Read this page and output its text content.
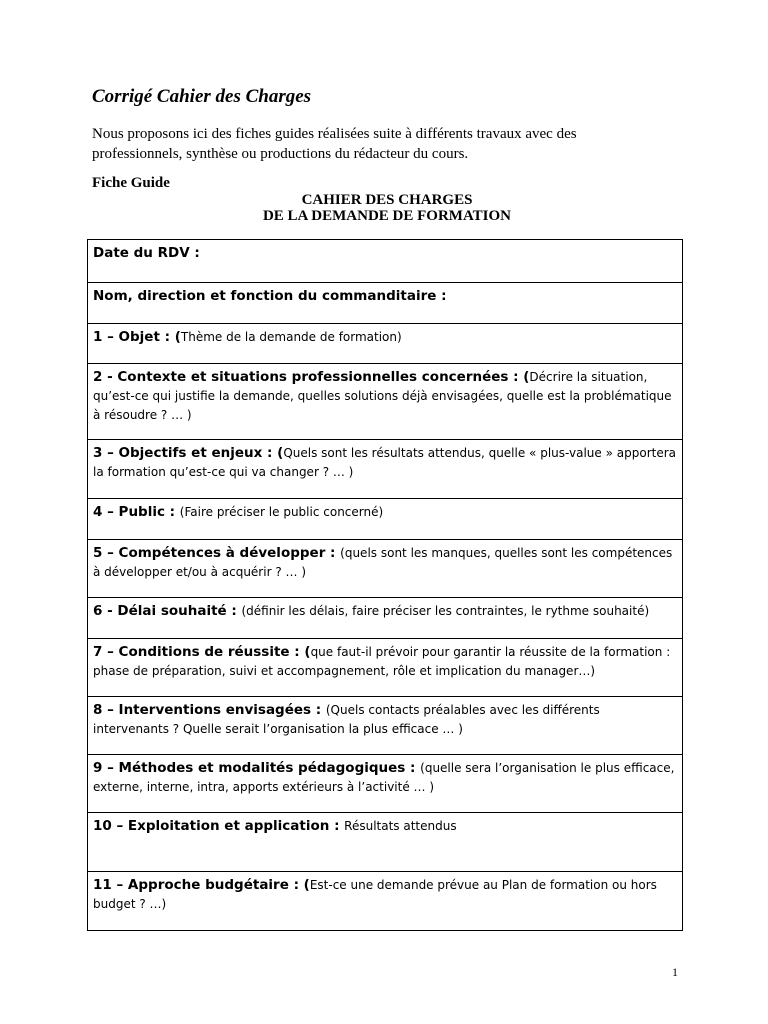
Corrigé Cahier des Charges

Nous proposons ici des fiches guides réalisées suite à différents travaux avec des professionnels, synthèse ou productions du rédacteur du cours.

Fiche Guide

CAHIER DES CHARGES

DE LA DEMANDE DE FORMATION

Date du RDV :

Nom, direction et fonction du commanditaire :

1 – Objet : (Thème de la demande de formation)

2 - Contexte et situations professionnelles concernées : (Décrire la situation, qu’est-ce qui justifie la demande, quelles solutions déjà envisagées, quelle est la problématique à résoudre ? … )

3 – Objectifs et enjeux : (Quels sont les résultats attendus, quelle « plus-value » apportera la formation qu’est-ce qui va changer ? … )

4 – Public : (Faire préciser le public concerné)

5 – Compétences à développer : (quels sont les manques, quelles sont les compétences à développer et/ou à acquérir ? … )

6 - Délai souhaité : (définir les délais, faire préciser les contraintes, le rythme souhaité)

7 – Conditions de réussite : (que faut-il prévoir pour garantir la réussite de la formation : phase de préparation, suivi et accompagnement, rôle et implication du manager…)

8 – Interventions envisagées : (Quels contacts préalables avec les différents intervenants ? Quelle serait l’organisation la plus efficace … )

9 – Méthodes et modalités pédagogiques : (quelle sera l’organisation le plus efficace, externe, interne, intra, apports extérieurs à l’activité … )

10 – Exploitation et application : Résultats attendus

11 – Approche budgétaire : (Est-ce une demande prévue au Plan de formation ou hors budget ? …)

1
